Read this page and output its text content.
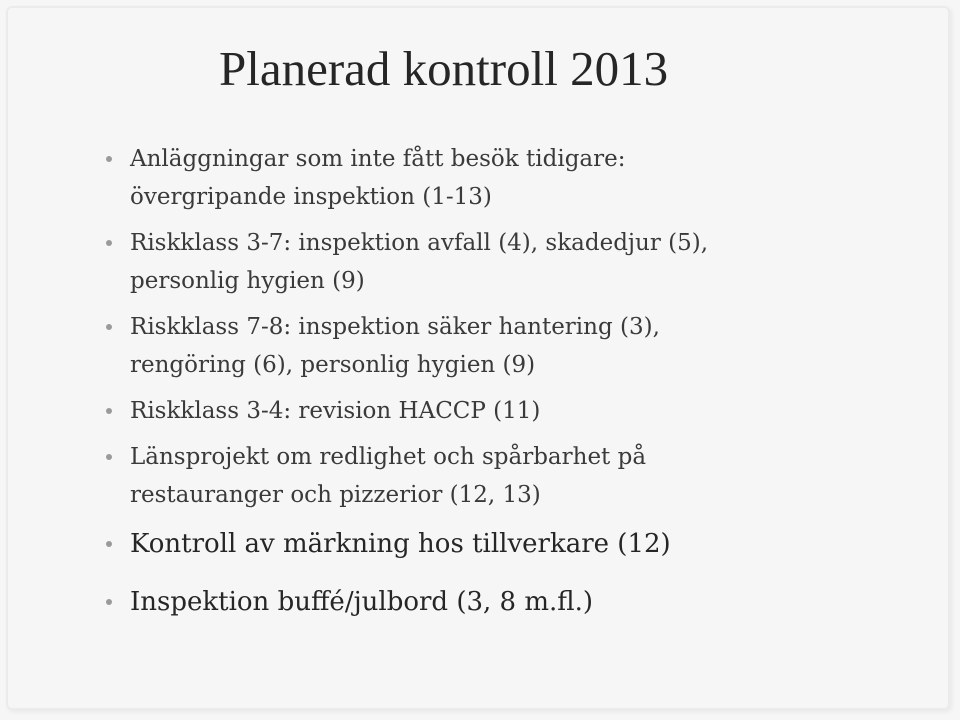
Planerad kontroll 2013
Anläggningar som inte fått besök tidigare:
övergripande inspektion (1-13)
Riskklass 3-7: inspektion avfall (4), skadedjur (5),
personlig hygien (9)
Riskklass 7-8: inspektion säker hantering (3),
rengöring (6), personlig hygien (9)
Riskklass 3-4: revision HACCP (11)
Länsprojekt om redlighet och spårbarhet på
restauranger och pizzerior (12, 13)
Kontroll av märkning hos tillverkare (12)
Inspektion buffé/julbord (3, 8 m.fl.)
